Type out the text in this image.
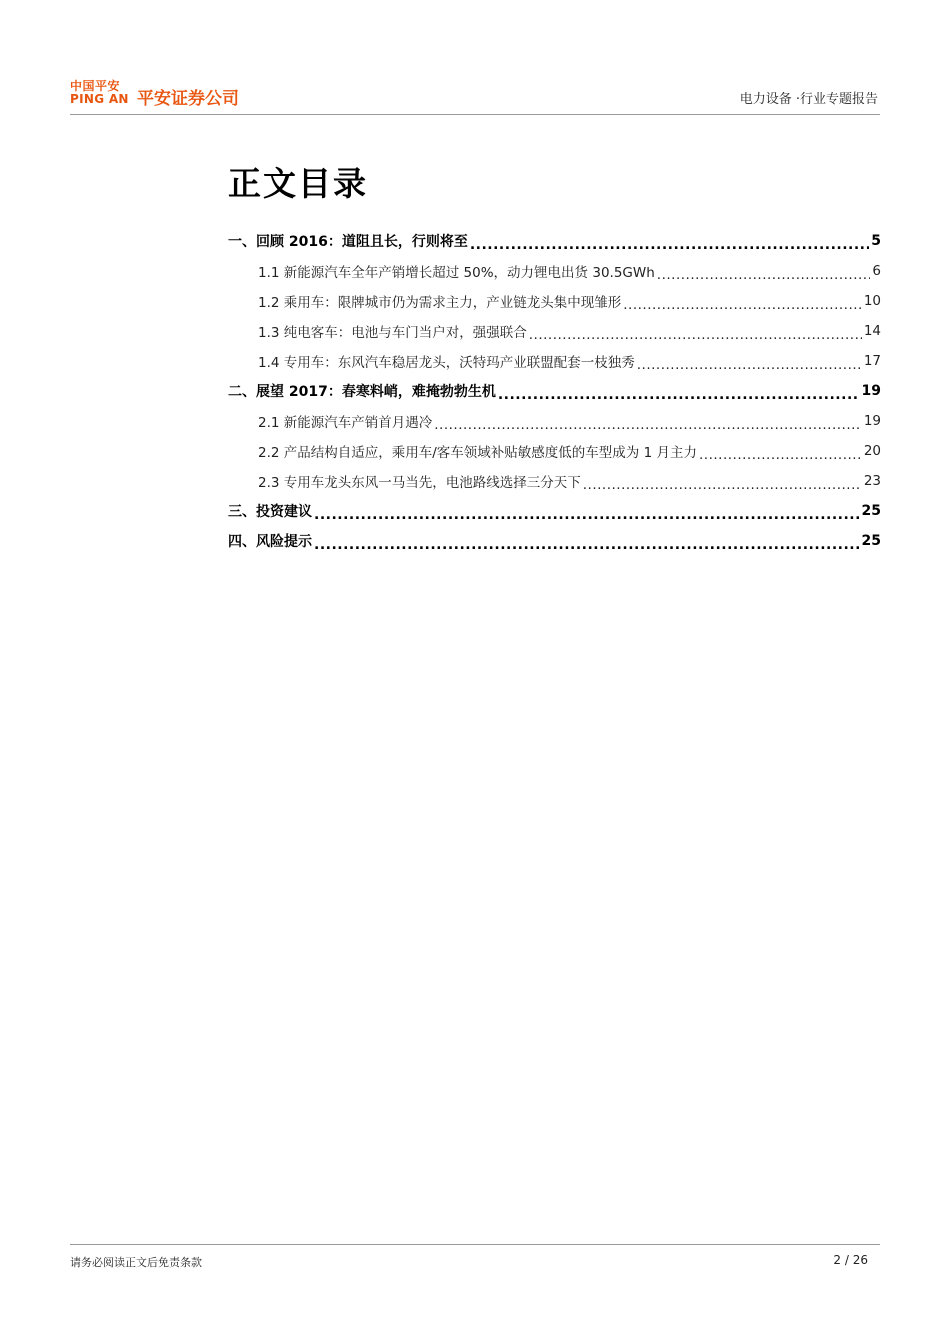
中国平安
PING AN 平安证券公司	电力设备 ·行业专题报告
正文目录
一、回顾 2016：道阻且长，行则将至 .....	5
1.1 新能源汽车全年产销增长超过 50%，动力锂电出货 30.5GWh .....	6
1.2 乘用车：限牌城市仍为需求主力，产业链龙头集中现雏形 .....	10
1.3 纯电客车：电池与车门当户对，强强联合 .....	14
1.4 专用车：东风汽车稳居龙头，沃特玛产业联盟配套一枝独秀 .....	17
二、展望 2017：春寒料峭，难掩勃勃生机 .....	19
2.1 新能源汽车产销首月遇冷 .....	19
2.2 产品结构自适应，乘用车/客车领域补贴敏感度低的车型成为 1 月主力 .....	20
2.3 专用车龙头东风一马当先，电池路线选择三分天下 .....	23
三、投资建议 .....	25
四、风险提示 .....	25
请务必阅读正文后免责条款	2 / 26
